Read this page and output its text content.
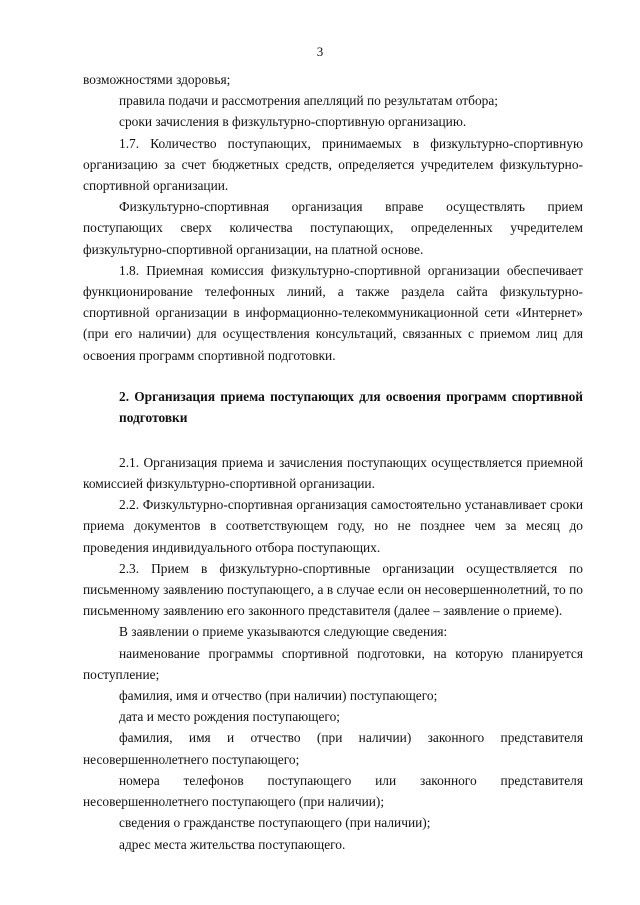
3

возможностями здоровья;

правила подачи и рассмотрения апелляций по результатам отбора;

сроки зачисления в физкультурно-спортивную организацию.

1.7. Количество поступающих, принимаемых в физкультурно-спортивную организацию за счет бюджетных средств, определяется учредителем физкультурно-спортивной организации.

Физкультурно-спортивная организация вправе осуществлять прием поступающих сверх количества поступающих, определенных учредителем физкультурно-спортивной организации, на платной основе.

1.8. Приемная комиссия физкультурно-спортивной организации обеспечивает функционирование телефонных линий, а также раздела сайта физкультурно-спортивной организации в информационно-телекоммуникационной сети «Интернет» (при его наличии) для осуществления консультаций, связанных с приемом лиц для освоения программ спортивной подготовки.

2. Организация приема поступающих для освоения программ спортивной подготовки

2.1. Организация приема и зачисления поступающих осуществляется приемной комиссией физкультурно-спортивной организации.

2.2. Физкультурно-спортивная организация самостоятельно устанавливает сроки приема документов в соответствующем году, но не позднее чем за месяц до проведения индивидуального отбора поступающих.

2.3. Прием в физкультурно-спортивные организации осуществляется по письменному заявлению поступающего, а в случае если он несовершеннолетний, то по письменному заявлению его законного представителя (далее – заявление о приеме).

В заявлении о приеме указываются следующие сведения:

наименование программы спортивной подготовки, на которую планируется поступление;

фамилия, имя и отчество (при наличии) поступающего;

дата и место рождения поступающего;

фамилия, имя и отчество (при наличии) законного представителя несовершеннолетнего поступающего;

номера телефонов поступающего или законного представителя несовершеннолетнего поступающего (при наличии);

сведения о гражданстве поступающего (при наличии);

адрес места жительства поступающего.
